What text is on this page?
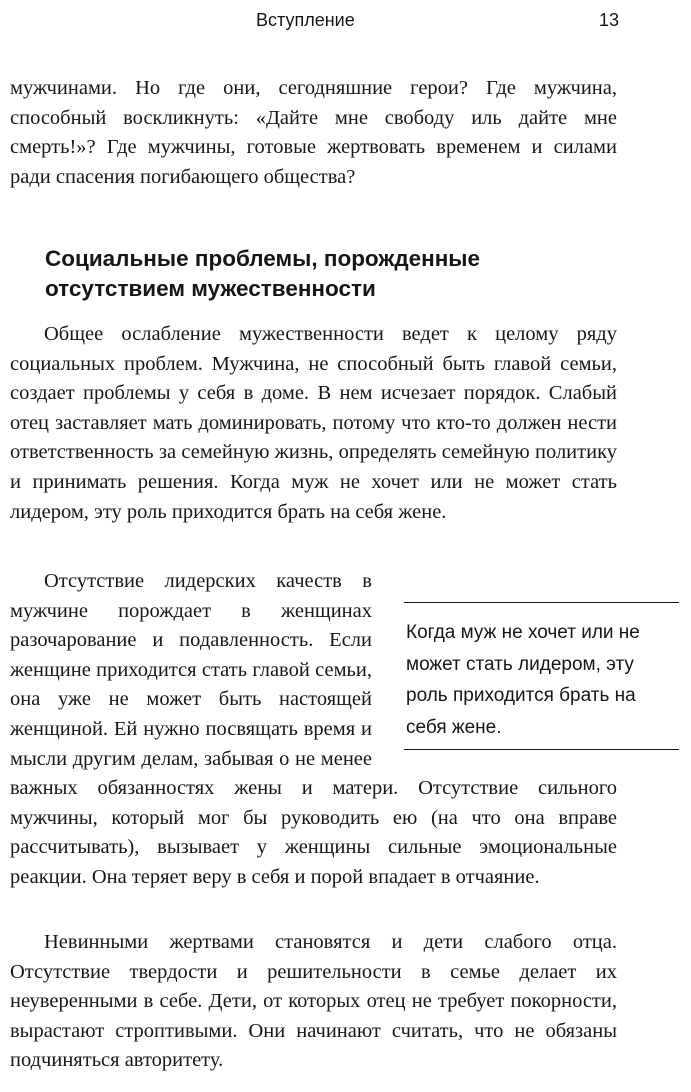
Вступление	13
мужчинами. Но где они, сегодняшние герои? Где мужчина, способный воскликнуть: «Дайте мне свободу иль дайте мне смерть!»? Где мужчины, готовые жертвовать временем и силами ради спасения погибающего общества?
Социальные проблемы, порожденные отсутствием мужественности
Общее ослабление мужественности ведет к целому ряду социальных проблем. Мужчина, не способный быть главой семьи, создает проблемы у себя в доме. В нем исчезает порядок. Слабый отец заставляет мать доминировать, потому что кто-то должен нести ответственность за семейную жизнь, определять семейную политику и принимать решения. Когда муж не хочет или не может стать лидером, эту роль приходится брать на себя жене.
Отсутствие лидерских качеств в мужчине порождает в женщинах разочарование и подавленность. Если женщине приходится стать главой семьи, она уже не может быть настоящей женщиной. Ей нужно посвящать время и мысли другим делам, забывая о не менее важных обязанностях жены и матери. Отсутствие сильного мужчины, который мог бы руководить ею (на что она вправе рассчитывать), вызывает у женщины сильные эмоциональные реакции. Она теряет веру в себя и порой впадает в отчаяние.
Невинными жертвами становятся и дети слабого отца. Отсутствие твердости и решительности в семье делает их неуверенными в себе. Дети, от которых отец не требует покорности, вырастают строптивыми. Они начинают считать, что не обязаны подчиняться авторитету.
Когда муж не хочет или не может стать лидером, эту роль приходится брать на себя жене.
